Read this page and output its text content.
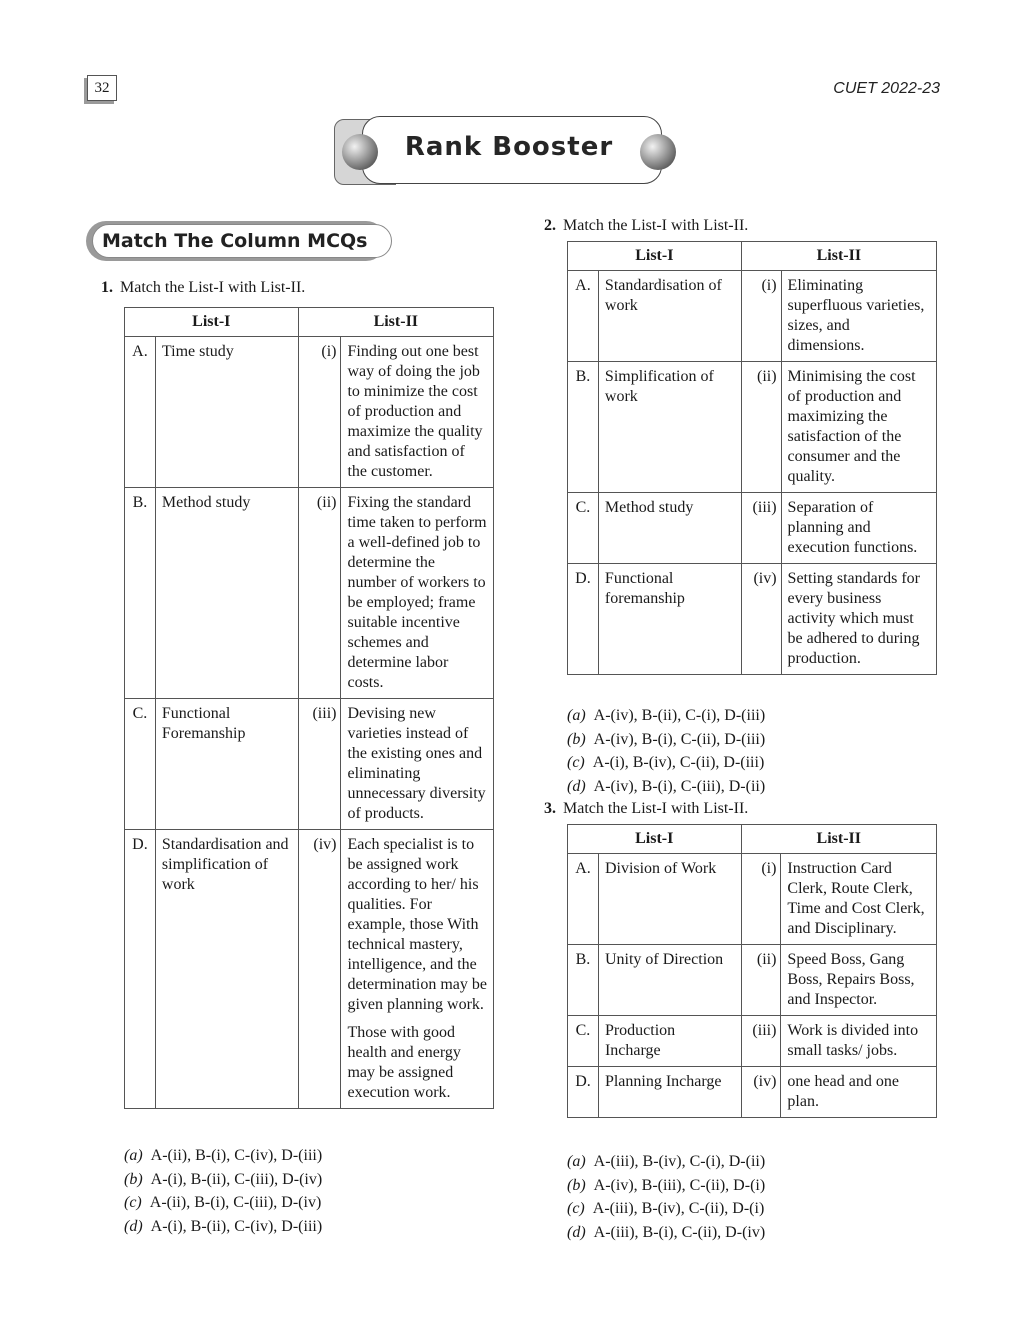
32	CUET 2022-23
Rank Booster
Match The Column MCQs
1. Match the List-I with List-II.
List-I		List-II	
A.	Time study	(i)	Finding out one best way of doing the job to minimize the cost of production and maximize the quality and satisfaction of the customer.
B.	Method study	(ii)	Fixing the standard time taken to perform a well-defined job to determine the number of workers to be employed; frame suitable incentive schemes and determine labor costs.
C.	Functional Foremanship	(iii)	Devising new varieties instead of the existing ones and eliminating unnecessary diversity of products.
D.	Standardisation and simplification of work	(iv)	Each specialist is to be assigned work according to her/ his qualities. For example, those With technical mastery, intelligence, and the determination may be given planning work.
Those with good health and energy may be assigned execution work.
(a) A-(ii), B-(i), C-(iv), D-(iii)
(b) A-(i), B-(ii), C-(iii), D-(iv)
(c) A-(ii), B-(i), C-(iii), D-(iv)
(d) A-(i), B-(ii), C-(iv), D-(iii)
2. Match the List-I with List-II.
List-I		List-II	
A.	Standardisation of work	(i)	Eliminating superfluous varieties, sizes, and dimensions.
B.	Simplification of work	(ii)	Minimising the cost of production and maximizing the satisfaction of the consumer and the quality.
C.	Method study	(iii)	Separation of planning and execution functions.
D.	Functional foremanship	(iv)	Setting standards for every business activity which must be adhered to during production.
(a) A-(iv), B-(ii), C-(i), D-(iii)
(b) A-(iv), B-(i), C-(ii), D-(iii)
(c) A-(i), B-(iv), C-(ii), D-(iii)
(d) A-(iv), B-(i), C-(iii), D-(ii)
3. Match the List-I with List-II.
List-I		List-II	
A.	Division of Work	(i)	Instruction Card Clerk, Route Clerk, Time and Cost Clerk, and Disciplinary.
B.	Unity of Direction	(ii)	Speed Boss, Gang Boss, Repairs Boss, and Inspector.
C.	Production Incharge	(iii)	Work is divided into small tasks/ jobs.
D.	Planning Incharge	(iv)	one head and one plan.
(a) A-(iii), B-(iv), C-(i), D-(ii)
(b) A-(iv), B-(iii), C-(ii), D-(i)
(c) A-(iii), B-(iv), C-(ii), D-(i)
(d) A-(iii), B-(i), C-(ii), D-(iv)
